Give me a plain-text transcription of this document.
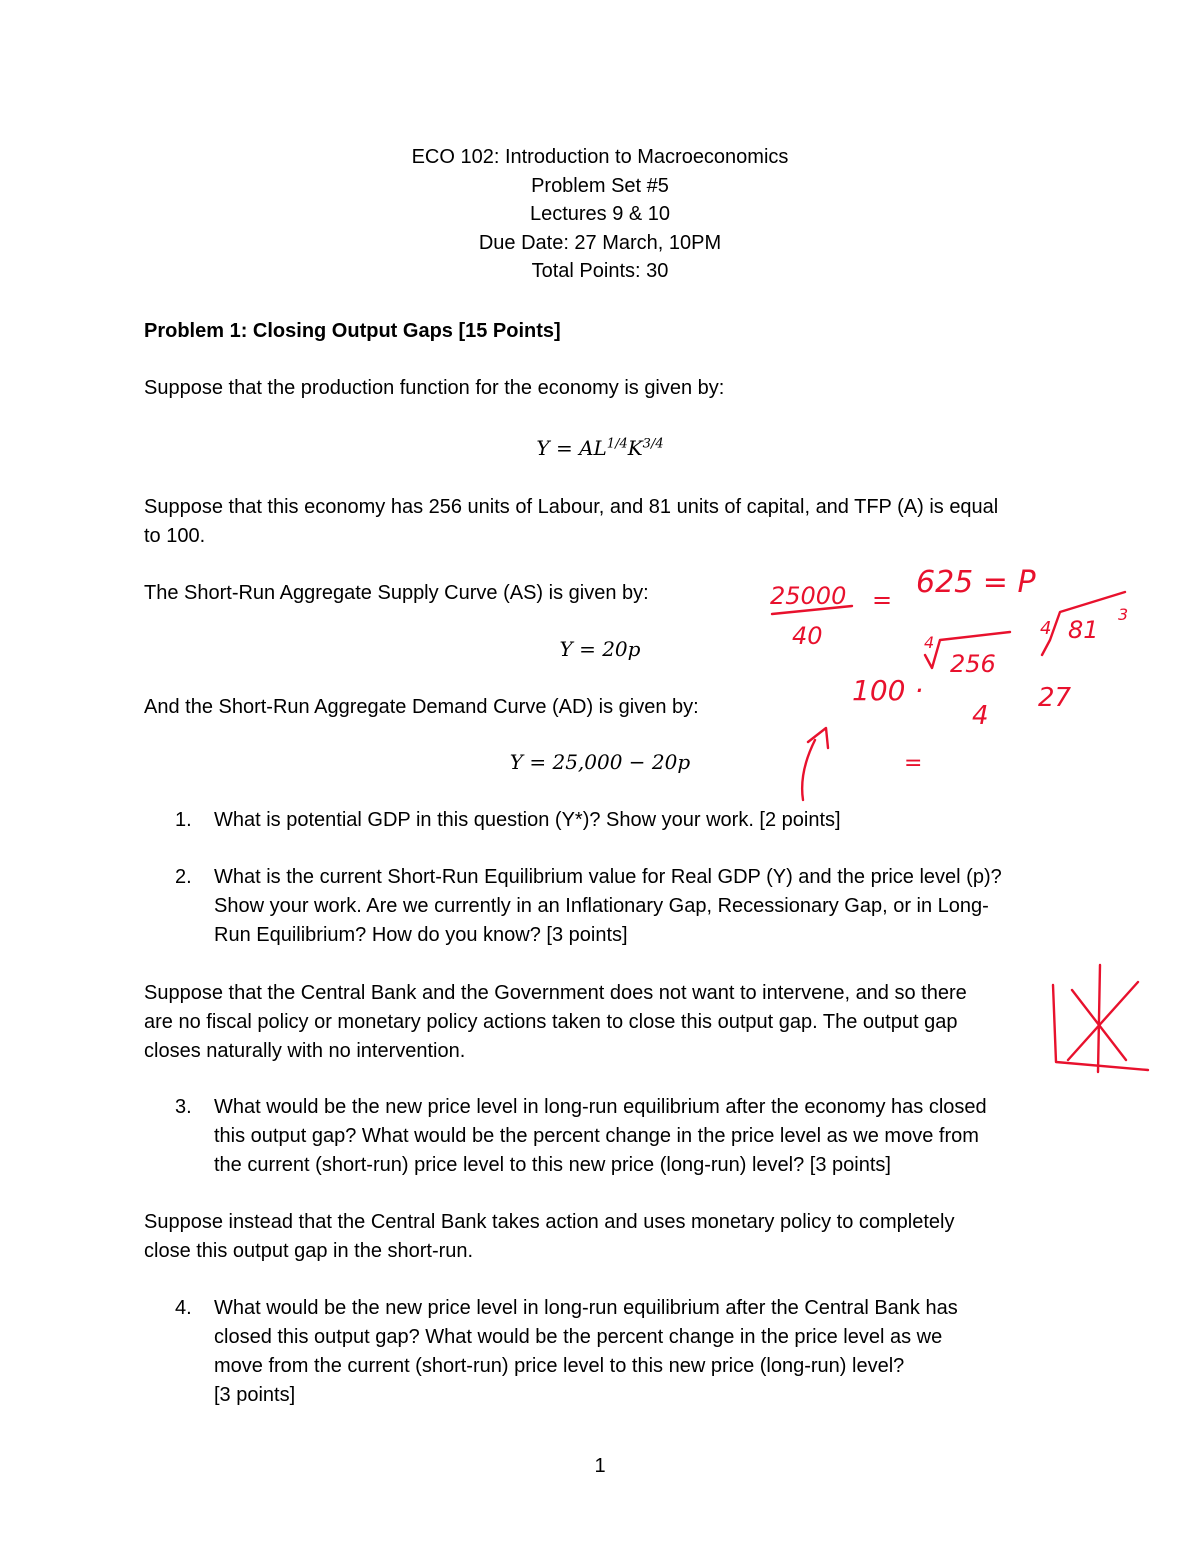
ECO 102: Introduction to Macroeconomics
Problem Set #5
Lectures 9 & 10
Due Date: 27 March, 10PM
Total Points: 30
Problem 1: Closing Output Gaps [15 Points]
Suppose that the production function for the economy is given by:
$Y = AL^{1/4}K^{3/4}$
Suppose that this economy has 256 units of Labour, and 81 units of capital, and TFP (A) is equal
to 100.
The Short-Run Aggregate Supply Curve (AS) is given by:
Y = 20p
And the Short-Run Aggregate Demand Curve (AD) is given by:
Y = 25,000 − 20p
1.	What is potential GDP in this question (Y*)? Show your work. [2 points]
2.	What is the current Short-Run Equilibrium value for Real GDP (Y) and the price level (p)?
Show your work. Are we currently in an Inflationary Gap, Recessionary Gap, or in Long-
Run Equilibrium? How do you know? [3 points]
Suppose that the Central Bank and the Government does not want to intervene, and so there
are no fiscal policy or monetary policy actions taken to close this output gap. The output gap
closes naturally with no intervention.
3.	What would be the new price level in long-run equilibrium after the economy has closed
this output gap? What would be the percent change in the price level as we move from
the current (short-run) price level to this new price (long-run) level? [3 points]
Suppose instead that the Central Bank takes action and uses monetary policy to completely
close this output gap in the short-run.
4.	What would be the new price level in long-run equilibrium after the Central Bank has
closed this output gap? What would be the percent change in the price level as we
move from the current (short-run) price level to this new price (long-run) level?
[3 points]
1
25000
40
= 625 = P
100 ·
4
256
4
4 81
3
27
=
